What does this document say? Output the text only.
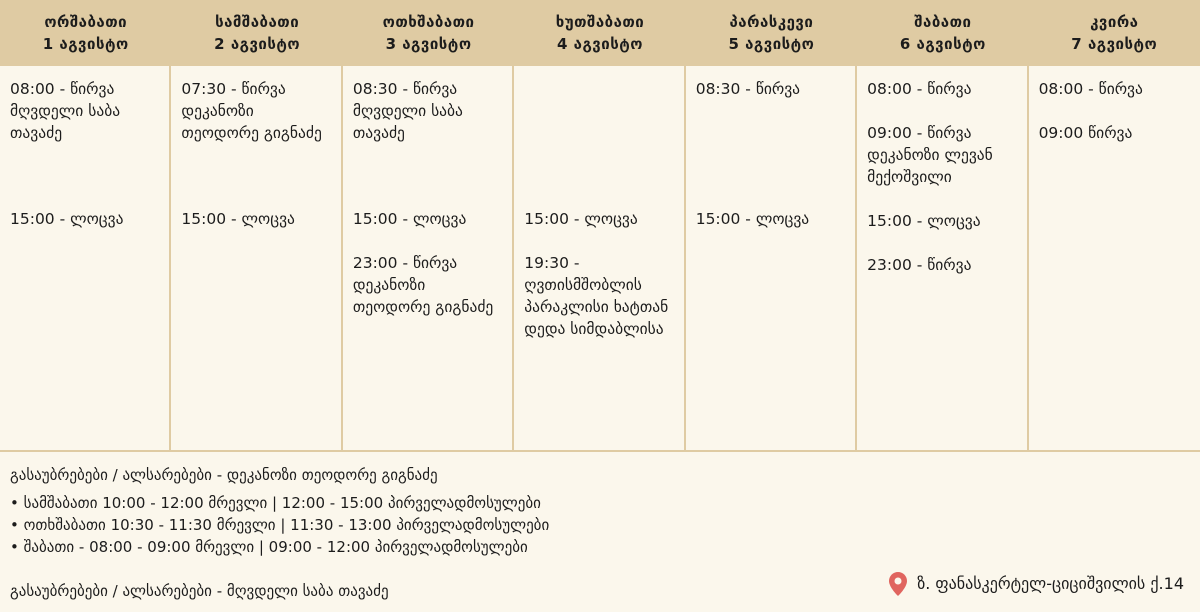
ორშაბათი
1 აგვისტო
სამშაბათი
2 აგვისტო
ოთხშაბათი
3 აგვისტო
ხუთშაბათი
4 აგვისტო
პარასკევი
5 აგვისტო
შაბათი
6 აგვისტო
კვირა
7 აგვისტო
08:00 - წირვა მღვდელი საბა თავაძე
15:00 - ლოცვა
07:30 - წირვა დეკანოზი თეოდორე გიგნაძე
15:00 - ლოცვა
08:30 - წირვა მღვდელი საბა თავაძე
15:00 - ლოცვა
23:00 - წირვა დეკანოზი თეოდორე გიგნაძე
15:00 - ლოცვა
19:30 - ღვთისმშობლის პარაკლისი ხატთან დედა სიმდაბლისა
08:30 - წირვა
15:00 - ლოცვა
08:00 - წირვა
09:00 - წირვა დეკანოზი ლევან მექოშვილი
15:00 - ლოცვა
23:00 - წირვა
08:00 - წირვა
09:00 წირვა
გასაუბრებები / ალსარებები - დეკანოზი თეოდორე გიგნაძე
• სამშაბათი 10:00 - 12:00 მრევლი | 12:00 - 15:00 პირველადმოსულები
• ოთხშაბათი 10:30 - 11:30 მრევლი | 11:30 - 13:00 პირველადმოსულები
• შაბათი - 08:00 - 09:00 მრევლი | 09:00 - 12:00 პირველადმოსულები
გასაუბრებები / ალსარებები - მღვდელი საბა თავაძე	ზ. ფანასკერტელ-ციციშვილის ქ.14
